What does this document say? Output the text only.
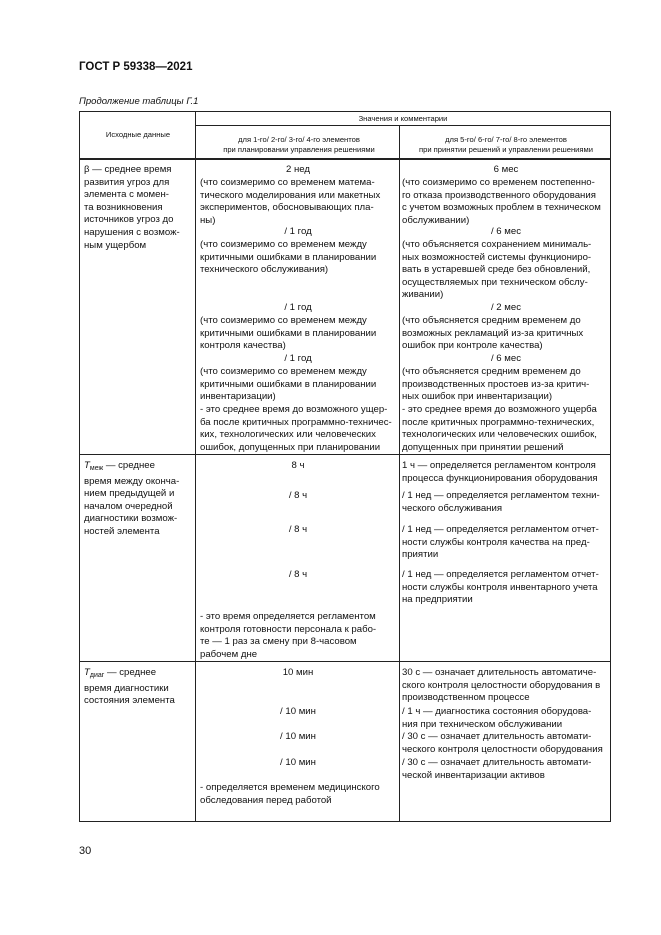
ГОСТ Р 59338—2021
Продолжение таблицы Г.1
Исходные данные
Значения и комментарии
для 1-го/ 2-го/ 3-го/ 4-го элементов
при планировании управления решениями
для 5-го/ 6-го/ 7-го/ 8-го элементов
при принятии решений и управлении решениями
β — среднее время
развития угроз для
элемента с момен-
та возникновения
источников угроз до
нарушения с возмож-
ным ущербом
2 нед
(что соизмеримо со временем матема-
тического моделирования или макетных
экспериментов, обосновывающих пла-
ны)
/ 1 год
(что соизмеримо со временем между
критичными ошибками в планировании
технического обслуживания)
/ 1 год
(что соизмеримо со временем между
критичными ошибками в планировании
контроля качества)
/ 1 год
(что соизмеримо со временем между
критичными ошибками в планировании
инвентаризации)
- это среднее время до возможного ущер-
ба после критичных программно-техничес-
ких, технологических или человеческих
ошибок, допущенных при планировании
6 мес
(что соизмеримо со временем постепенно-
го отказа производственного оборудования
с учетом возможных проблем в техническом
обслуживании)
/ 6 мес
(что объясняется сохранением минималь-
ных возможностей системы функциониро-
вать в устаревшей среде без обновлений,
осуществляемых при техническом обслу-
живании)
/ 2 мес
(что объясняется средним временем до
возможных рекламаций из-за критичных
ошибок при контроле качества)
/ 6 мес
(что объясняется средним временем до
производственных простоев из-за критич-
ных ошибок при инвентаризации)
- это среднее время до возможного ущерба
после критичных программно-технических,
технологических или человеческих ошибок,
допущенных при принятии решений
$T_{меж}$ — среднее
время между оконча-
нием предыдущей и
началом очередной
диагностики возмож-
ностей элемента
8 ч
/ 8 ч
/ 8 ч
/ 8 ч
- это время определяется регламентом
контроля готовности персонала к рабо-
те — 1 раз за смену при 8-часовом
рабочем дне
1 ч — определяется регламентом контроля
процесса функционирования оборудования
/ 1 нед — определяется регламентом техни-
ческого обслуживания
/ 1 нед — определяется регламентом отчет-
ности службы контроля качества на пред-
приятии
/ 1 нед — определяется регламентом отчет-
ности службы контроля инвентарного учета
на предприятии
$T_{диаг}$ — среднее
время диагностики
состояния элемента
10 мин
/ 10 мин
/ 10 мин
/ 10 мин
- определяется временем медицинского
обследования перед работой
30 с — означает длительность автоматиче-
ского контроля целостности оборудования в
производственном процессе
/ 1 ч — диагностика состояния оборудова-
ния при техническом обслуживании
/ 30 с — означает длительность автомати-
ческого контроля целостности оборудования
/ 30 с — означает длительность автомати-
ческой инвентаризации активов
30
